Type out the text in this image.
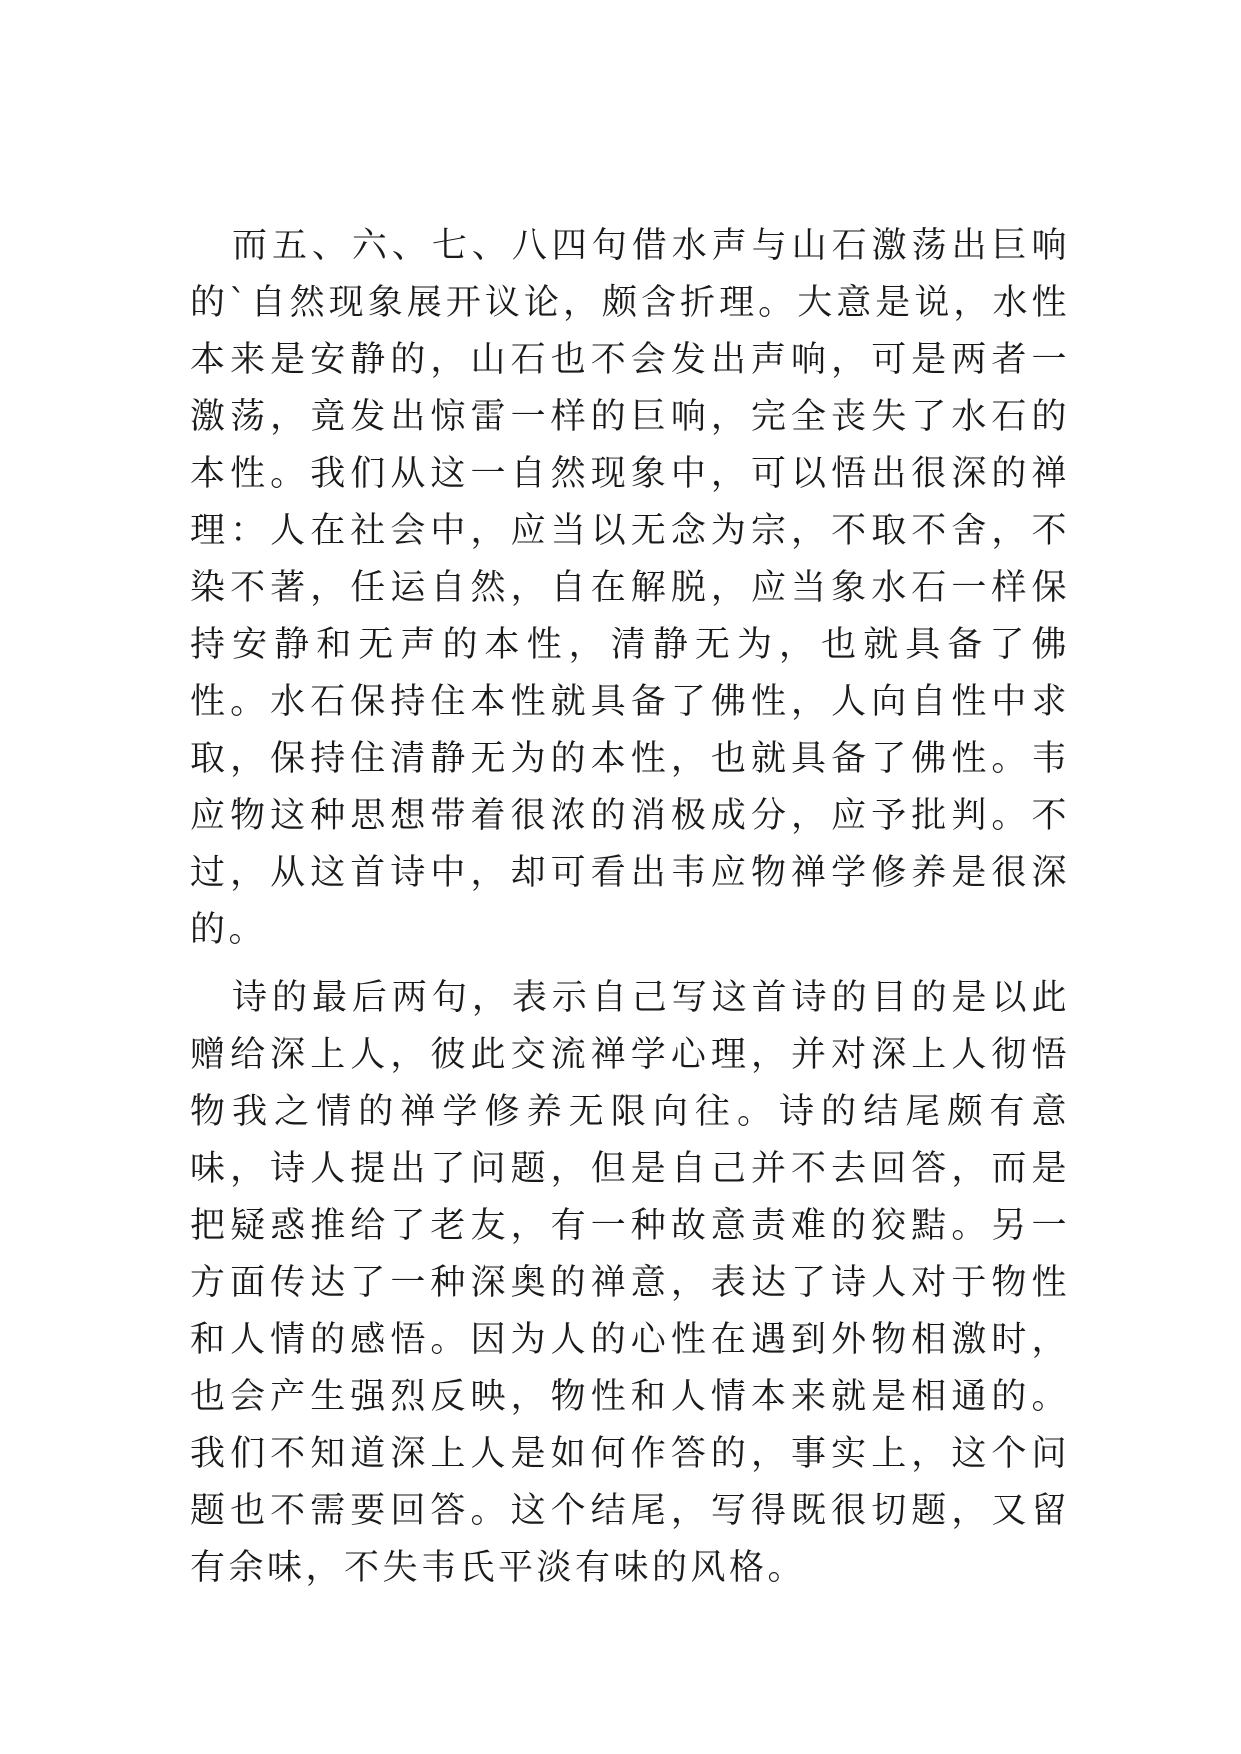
而五、六、七、八四句借水声与山石激荡出巨响的`自然现象展开议论，颇含折理。大意是说，水性本来是安静的，山石也不会发出声响，可是两者一激荡，竟发出惊雷一样的巨响，完全丧失了水石的本性。我们从这一自然现象中，可以悟出很深的禅理：人在社会中，应当以无念为宗，不取不舍，不染不著，任运自然，自在解脱，应当象水石一样保持安静和无声的本性，清静无为，也就具备了佛性。水石保持住本性就具备了佛性，人向自性中求取，保持住清静无为的本性，也就具备了佛性。韦应物这种思想带着很浓的消极成分，应予批判。不过，从这首诗中，却可看出韦应物禅学修养是很深的。

诗的最后两句，表示自己写这首诗的目的是以此赠给深上人，彼此交流禅学心理，并对深上人彻悟物我之情的禅学修养无限向往。诗的结尾颇有意味，诗人提出了问题，但是自己并不去回答，而是把疑惑推给了老友，有一种故意责难的狡黠。另一方面传达了一种深奥的禅意，表达了诗人对于物性和人情的感悟。因为人的心性在遇到外物相激时，也会产生强烈反映，物性和人情本来就是相通的。我们不知道深上人是如何作答的，事实上，这个问题也不需要回答。这个结尾，写得既很切题，又留有余味，不失韦氏平淡有味的风格。
